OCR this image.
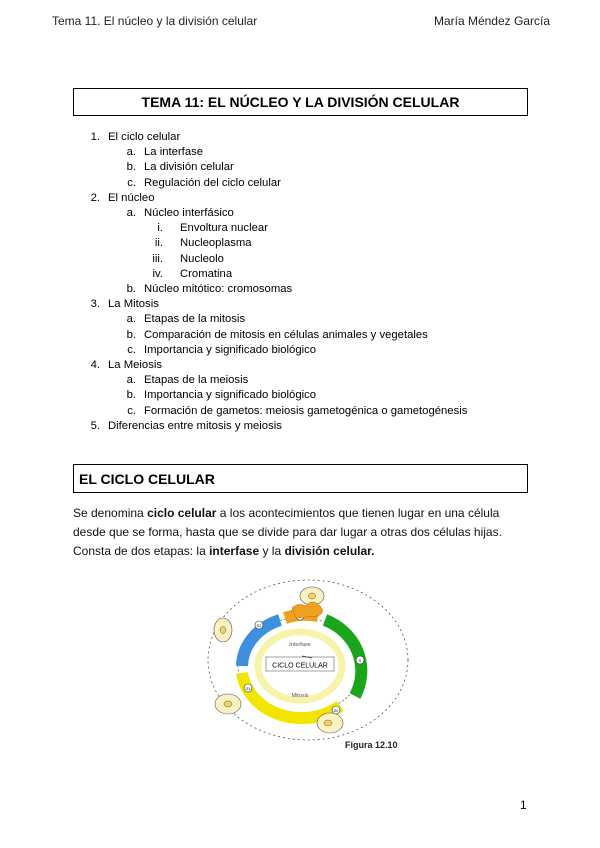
Tema 11. El núcleo y la división celular	María Méndez García
TEMA 11: EL NÚCLEO Y LA DIVISIÓN CELULAR
1. El ciclo celular
a. La interfase
b. La división celular
c. Regulación del ciclo celular
2. El núcleo
a. Núcleo interfásico
i. Envoltura nuclear
ii. Nucleoplasma
iii. Nucleolo
iv. Cromatina
b. Núcleo mitótico: cromosomas
3. La Mitosis
a. Etapas de la mitosis
b. Comparación de mitosis en células animales y vegetales
c. Importancia y significado biológico
4. La Meiosis
a. Etapas de la meiosis
b. Importancia y significado biológico
c. Formación de gametos: meiosis gametogénica o gametogénesis
5. Diferencias entre mitosis y meiosis
EL CICLO CELULAR
Se denomina ciclo celular a los acontecimientos que tienen lugar en una célula desde que se forma, hasta que se divide para dar lugar a otras dos células hijas. Consta de dos etapas: la interfase y la división celular.
CICLO CELULAR
Interfase
Mitosis
G2
S
G1
G0
Figura 12.10
1
